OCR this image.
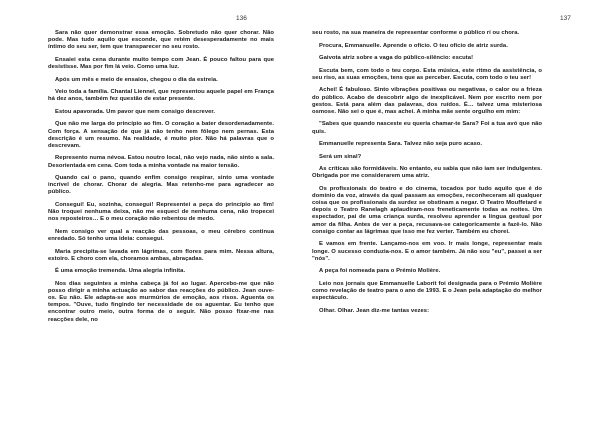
136

Sara não quer demonstrar essa emoção. Sobretudo não quer chorar. Não pode. Mas tudo aquilo que esconde, que retém desesperadamente no mais íntimo do seu ser, tem que transparecer no seu rosto.

Ensaiei esta cena durante muito tempo com Jean. É pouco faltou para que desistisse. Mas por fim lá veio. Como uma luz.

Após um mês e meio de ensaios, chegou o dia da estreia.

Veio toda a família. Chantal Liennel, que representou aquele papel em França há dez anos, também fez questão de estar presente.

Estou apavorada. Um pavor que nem consigo descrever.

Que não me larga do princípio ao fim. O coração a bater desordenadamente. Com força. A sensação de que já não tenho nem fôlego nem pernas. Esta descrição é um resumo. Na realidade, é muito pior. Não há palavras que o descrevam.

Represento numa névoa. Estou noutro local, não vejo nada, não sinto a sala. Desorientada em cena. Com toda a minha vontade na maior tensão.

Quando cai o pano, quando enfim consigo respirar, sinto uma vontade incrível de chorar. Chorar de alegria. Mas retenho-me para agradecer ao público.

Consegui! Eu, sozinha, consegui! Representei a peça do princípio ao fim! Não troquei nenhuma deixa, não me esqueci de nenhuma cena, não tropecei nos reposteiros… E o meu coração não rebentou de medo.

Nem consigo ver qual a reacção das pessoas, o meu cérebro continua enredado. Só tenho uma ideia: consegui.

Maria precipita-se lavada em lágrimas, com flores para mim. Nessa altura, estoiro. E choro com ela, choramos ambas, abraçadas.

É uma emoção tremenda. Uma alegria infinita.

Nos dias seguintes a minha cabeça já foi ao lugar. Apercebo-me que não posso dirigir a minha actuação ao sabor das reacções do público. Jean ouve-os. Eu não. Ele adapta-se aos murmúrios de emoção, aos risos. Aguenta os tempos. "Ouve, tudo fingindo ter necessidade de os aguentar. Eu tenho que encontrar outro meio, outra forma de o seguir. Não posso fixar-me nas reacções dele, no

137

seu rosto, na sua maneira de representar conforme o público ri ou chora.

Procura, Emmanuelle. Aprende o ofício. O teu ofício de atriz surda.

Gaivota atriz sobre a vaga do público-silêncio: escuta!

Escuta bem, com todo o teu corpo. Esta música, este ritmo da assistência, o seu riso, as suas emoções, tens que as perceber. Escuta, com todo o teu ser!

Achei! É fabuloso. Sinto vibrações positivas ou negativas, o calor ou a frieza do público. Acabo de descobrir algo de inexplicável. Nem por escrito nem por gestos. Está para além das palavras, dos ruídos. É… talvez uma misteriosa osmose. Não sei o que é, mas achei. A minha mãe sente orgulho em mim:

"Sabes que quando nasceste eu queria chamar-te Sara? Foi a tua avó que não quis.

Emmanuelle representa Sara. Talvez não seja puro acaso.

Será um sinal?

As críticas são formidáveis. No entanto, eu sabia que não iam ser indulgentes. Obrigada por me considerarem uma atriz.

Os profissionais do teatro e do cinema, tocados por tudo aquilo que é do domínio da voz, através da qual passam as emoções, reconheceram ali qualquer coisa que os profissionais da surdez se obstinam a negar. O Teatro Mouffetard e depois o Teatro Ranelagh aplaudiram-nos freneticamente todas as noites. Um espectador, pai de uma criança surda, resolveu aprender a língua gestual por amor da filha. Antes de ver a peça, recusava-se categoricamente a fazê-lo. Não consigo contar as lágrimas que isso me fez verter. Também eu chorei.

E vamos em frente. Lançamo-nos em voo. Ir mais longe, representar mais longe. O sucesso conduzia-nos. E o amor também. Já não sou "eu", passei a ser "nós".

A peça foi nomeada para o Prémio Molière.

Leio nos jornais que Emmanuelle Laborit foi designada para o Prémio Molière como revelação de teatro para o ano de 1993. E o Jean pela adaptação do melhor espectáculo.

Olhar. Olhar. Jean diz-me tantas vezes:
